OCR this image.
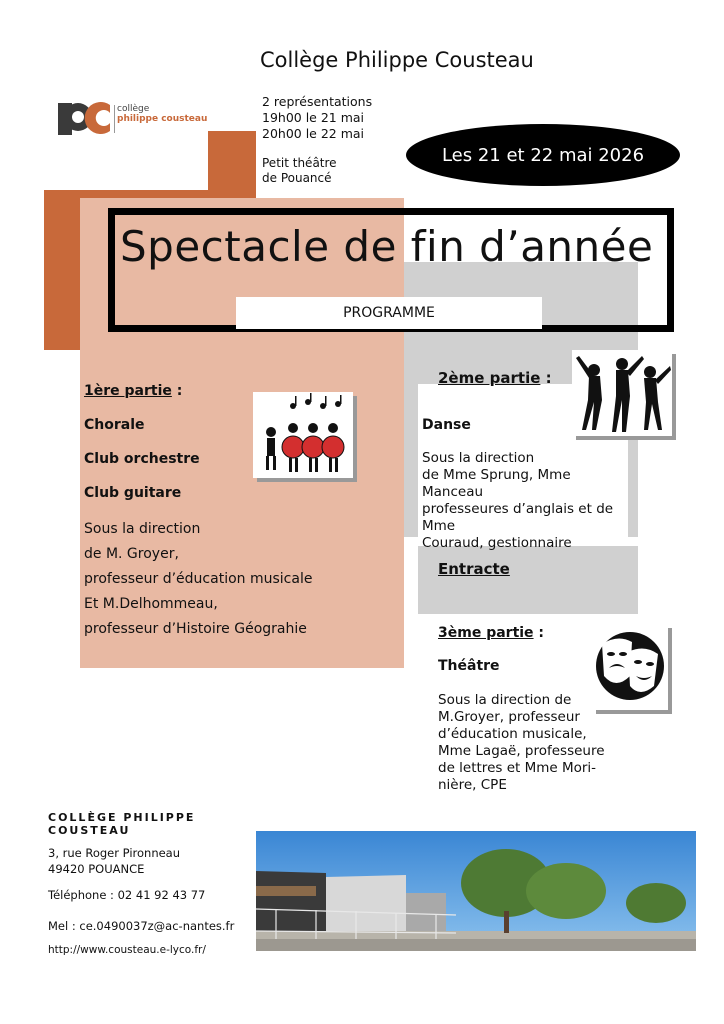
Collège Philippe Cousteau
collège
philippe cousteau
2 représentations
19h00 le 21 mai
20h00 le 22 mai
Petit théâtre
de Pouancé
Les 21 et 22 mai 2026
Spectacle de fin d’année
PROGRAMME
1ère partie :
Chorale
Club orchestre
Club guitare
Sous la direction
de M. Groyer,
professeur d’éducation musicale
Et M.Delhommeau,
professeur d’Histoire Géograhie
2ème partie :
Danse
Sous la direction
de Mme Sprung, Mme Manceau
professeures d’anglais et de Mme
Couraud, gestionnaire
Entracte
3ème partie :
Théâtre
Sous la direction de
M.Groyer, professeur
d’éducation musicale,
Mme Lagaë, professeure
de lettres et Mme Mori-
nière, CPE
COLLÈGE PHILIPPE
COUSTEAU
3, rue Roger Pironneau
49420 POUANCE
Téléphone : 02 41 92 43 77
Mel : ce.0490037z@ac-nantes.fr
http://www.cousteau.e-lyco.fr/
